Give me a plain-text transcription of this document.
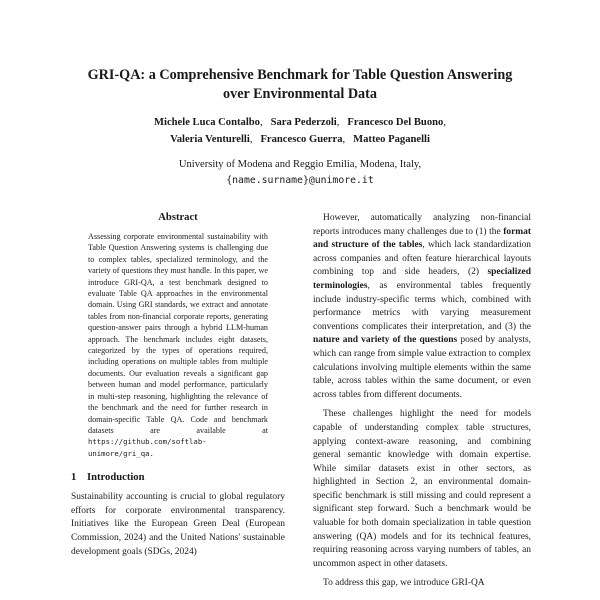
GRI-QA: a Comprehensive Benchmark for Table Question Answering
over Environmental Data
Michele Luca Contalbo, Sara Pederzoli, Francesco Del Buono,
Valeria Venturelli, Francesco Guerra, Matteo Paganelli
University of Modena and Reggio Emilia, Modena, Italy,
{name.surname}@unimore.it
Abstract
Assessing corporate environmental sustainability with Table Question Answering systems is challenging due to complex tables, specialized terminology, and the variety of questions they must handle. In this paper, we introduce GRI-QA, a test benchmark designed to evaluate Table QA approaches in the environmental domain. Using GRI standards, we extract and annotate tables from non-financial corporate reports, generating question-answer pairs through a hybrid LLM-human approach. The benchmark includes eight datasets, categorized by the types of operations required, including operations on multiple tables from multiple documents. Our evaluation reveals a significant gap between human and model performance, particularly in multi-step reasoning, highlighting the relevance of the benchmark and the need for further research in domain-specific Table QA. Code and benchmark datasets are available at https://github.com/softlab-unimore/gri_qa.
1 Introduction

Sustainability accounting is crucial to global regulatory efforts for corporate environmental transparency. Initiatives like the European Green Deal (European Commission, 2024) and the United Nations' sustainable development goals (SDGs, 2024)

However, automatically analyzing non-financial reports introduces many challenges due to (1) the format and structure of the tables, which lack standardization across companies and often feature hierarchical layouts combining top and side headers, (2) specialized terminologies, as environmental tables frequently include industry-specific terms which, combined with performance metrics with varying measurement conventions complicates their interpretation, and (3) the nature and variety of the questions posed by analysts, which can range from simple value extraction to complex calculations involving multiple elements within the same table, across tables within the same document, or even across tables from different documents.

These challenges highlight the need for models capable of understanding complex table structures, applying context-aware reasoning, and combining general semantic knowledge with domain expertise. While similar datasets exist in other sectors, as highlighted in Section 2, an environmental domain-specific benchmark is still missing and could represent a significant step forward. Such a benchmark would be valuable for both domain specialization in table question answering (QA) models and for its technical features, requiring reasoning across varying numbers of tables, an uncommon aspect in other datasets.

To address this gap, we introduce GRI-QA
